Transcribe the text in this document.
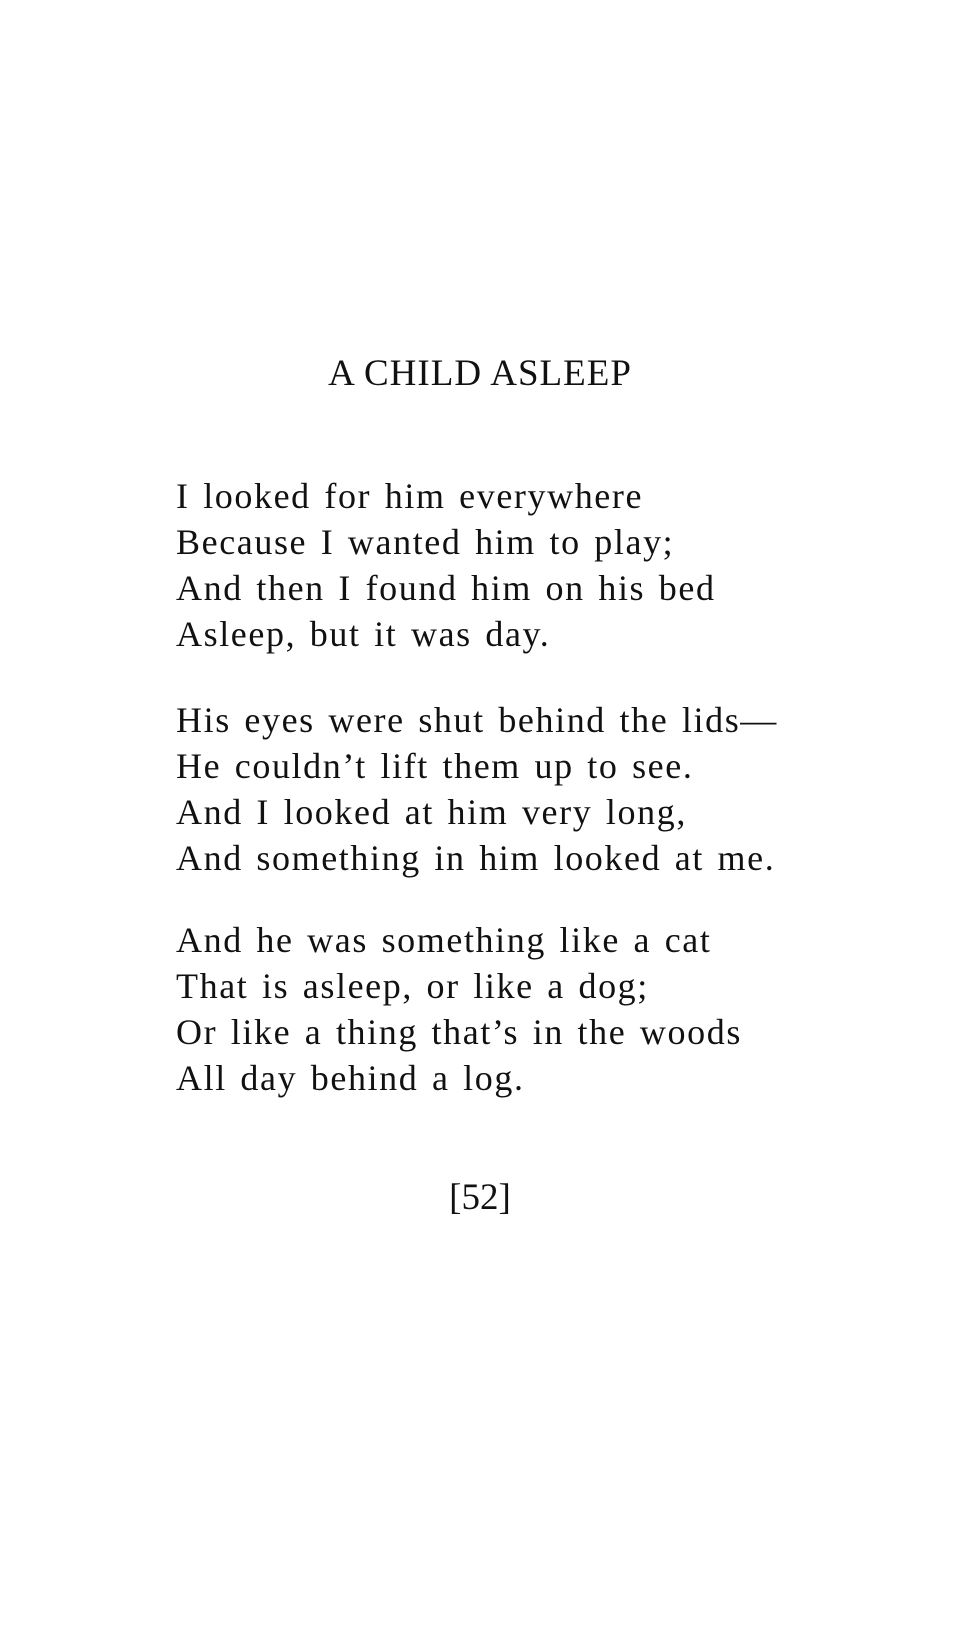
A CHILD ASLEEP
I looked for him everywhere
Because I wanted him to play;
And then I found him on his bed
Asleep, but it was day.
His eyes were shut behind the lids—
He couldn’t lift them up to see.
And I looked at him very long,
And something in him looked at me.
And he was something like a cat
That is asleep, or like a dog;
Or like a thing that’s in the woods
All day behind a log.
[52]
